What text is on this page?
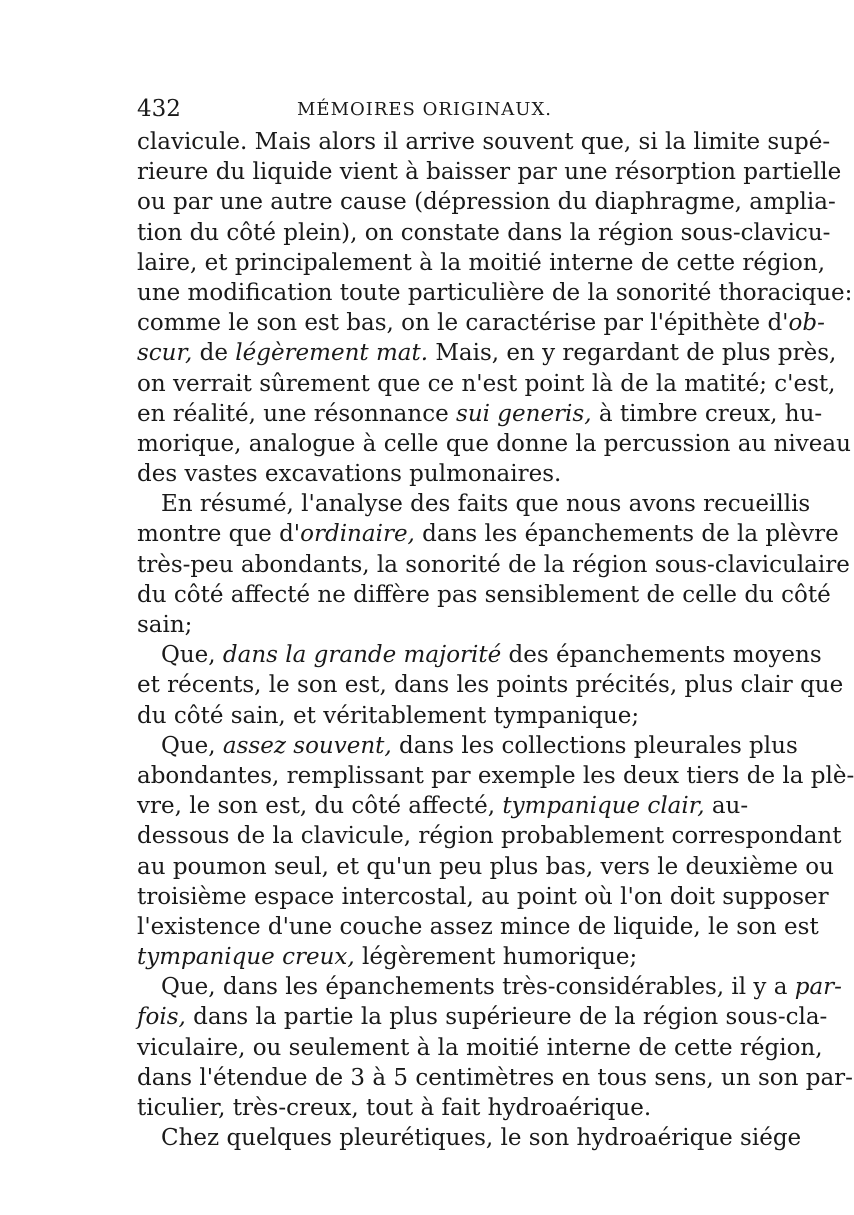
432	MÉMOIRES ORIGINAUX.
clavicule. Mais alors il arrive souvent que, si la limite supé-
rieure du liquide vient à baisser par une résorption partielle
ou par une autre cause (dépression du diaphragme, amplia-
tion du côté plein), on constate dans la région sous-clavicu-
laire, et principalement à la moitié interne de cette région,
une modification toute particulière de la sonorité thoracique:
comme le son est bas, on le caractérise par l'épithète d'ob-
scur, de légèrement mat. Mais, en y regardant de plus près,
on verrait sûrement que ce n'est point là de la matité; c'est,
en réalité, une résonnance sui generis, à timbre creux, hu-
morique, analogue à celle que donne la percussion au niveau
des vastes excavations pulmonaires.
En résumé, l'analyse des faits que nous avons recueillis
montre que d'ordinaire, dans les épanchements de la plèvre
très-peu abondants, la sonorité de la région sous-claviculaire
du côté affecté ne diffère pas sensiblement de celle du côté
sain;
Que, dans la grande majorité des épanchements moyens
et récents, le son est, dans les points précités, plus clair que
du côté sain, et véritablement tympanique;
Que, assez souvent, dans les collections pleurales plus
abondantes, remplissant par exemple les deux tiers de la plè-
vre, le son est, du côté affecté, tympanique clair, au-
dessous de la clavicule, région probablement correspondant
au poumon seul, et qu'un peu plus bas, vers le deuxième ou
troisième espace intercostal, au point où l'on doit supposer
l'existence d'une couche assez mince de liquide, le son est
tympanique creux, légèrement humorique;
Que, dans les épanchements très-considérables, il y a par-
fois, dans la partie la plus supérieure de la région sous-cla-
viculaire, ou seulement à la moitié interne de cette région,
dans l'étendue de 3 à 5 centimètres en tous sens, un son par-
ticulier, très-creux, tout à fait hydroaérique.
Chez quelques pleurétiques, le son hydroaérique siége
